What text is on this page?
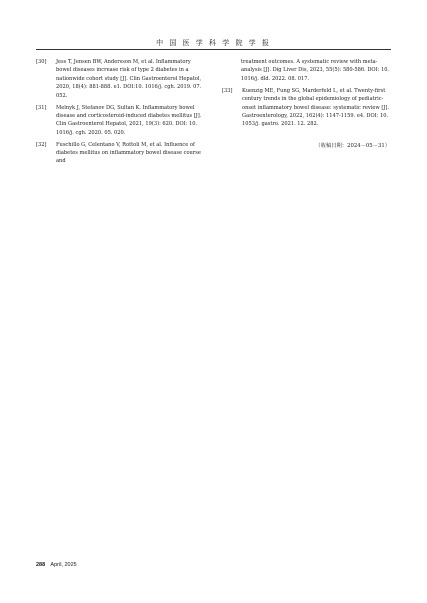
中 国 医 学 科 学 院 学 报
[30] Jess T, Jensen BW, Andersson M, et al. Inflammatory bowel diseases increase risk of type 2 diabetes in a nationwide cohort study [J]. Clin Gastroenterol Hepatol, 2020, 18(4): 881-888. e1. DOI:10. 1016/j. cgh. 2019. 07. 052.
[31] Melnyk J, Stefanov DG, Sultan K. Inflammatory bowel disease and corticosteroid-induced diabetes mellitus [J]. Clin Gastroenterol Hepatol, 2021, 19(3): 620. DOI: 10. 1016/j. cgh. 2020. 05. 020.
[32] Fuschillo G, Celentano V, Rottoli M, et al. Influence of diabetes mellitus on inflammatory bowel disease course and
treatment outcomes. A systematic review with meta-analysis [J]. Dig Liver Dis, 2023, 55(5): 580-586. DOI: 10. 1016/j. dld. 2022. 08. 017.
[33] Kuenzig ME, Fung SG, Marderfeld L, et al. Twenty-first century trends in the global epidemiology of pediatric-onset inflammatory bowel disease: systematic review [J]. Gastroenterology, 2022, 162(4): 1147-1159. e4. DOI: 10. 1053/j. gastro. 2021. 12. 282.
（收稿日期：2024－05－31）
288 April, 2025
